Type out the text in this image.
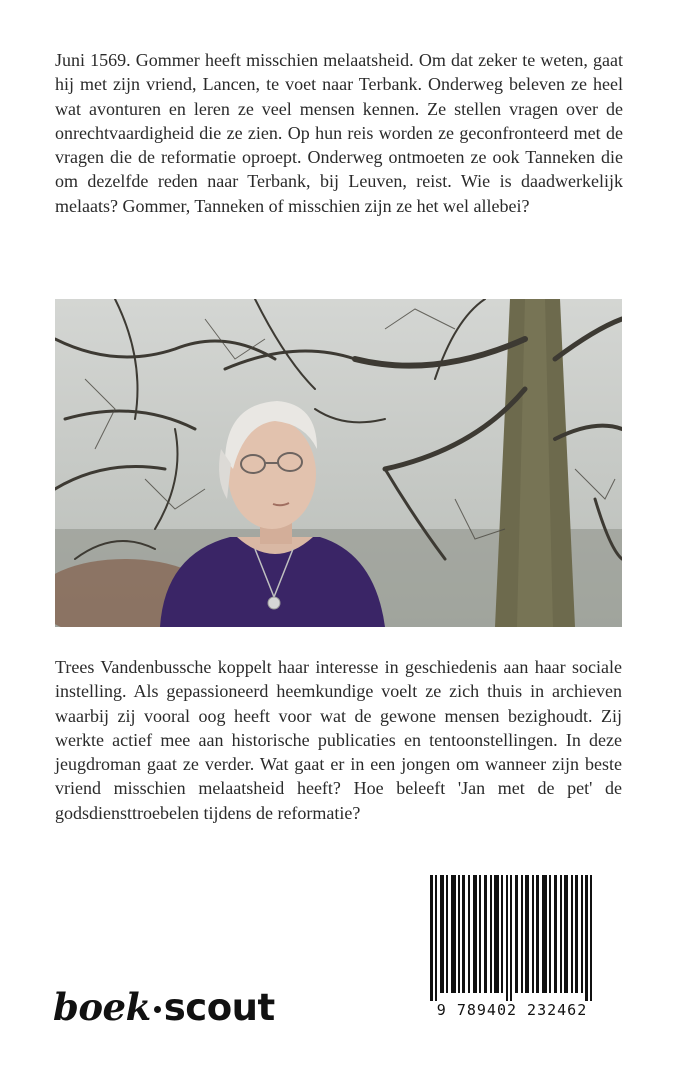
Juni 1569. Gommer heeft misschien melaatsheid. Om dat zeker te weten, gaat hij met zijn vriend, Lancen, te voet naar Terbank. Onderweg beleven ze heel wat avonturen en leren ze veel mensen kennen. Ze stellen vragen over de onrechtvaardigheid die ze zien. Op hun reis worden ze geconfronteerd met de vragen die de reformatie oproept. Onderweg ontmoeten ze ook Tanneken die om dezelfde reden naar Terbank, bij Leuven, reist. Wie is daadwerkelijk melaats? Gommer, Tanneken of misschien zijn ze het wel allebei?

Trees Vandenbussche koppelt haar interesse in geschiedenis aan haar sociale instelling. Als gepassioneerd heemkundige voelt ze zich thuis in archieven waarbij zij vooral oog heeft voor wat de gewone mensen bezighoudt. Zij werkte actief mee aan historische publicaties en tentoonstellingen. In deze jeugdroman gaat ze verder. Wat gaat er in een jongen om wanneer zijn beste vriend misschien melaatsheid heeft? Hoe beleeft 'Jan met de pet' de godsdiensttroebelen tijdens de reformatie?

9 789402 232462
boek scout
